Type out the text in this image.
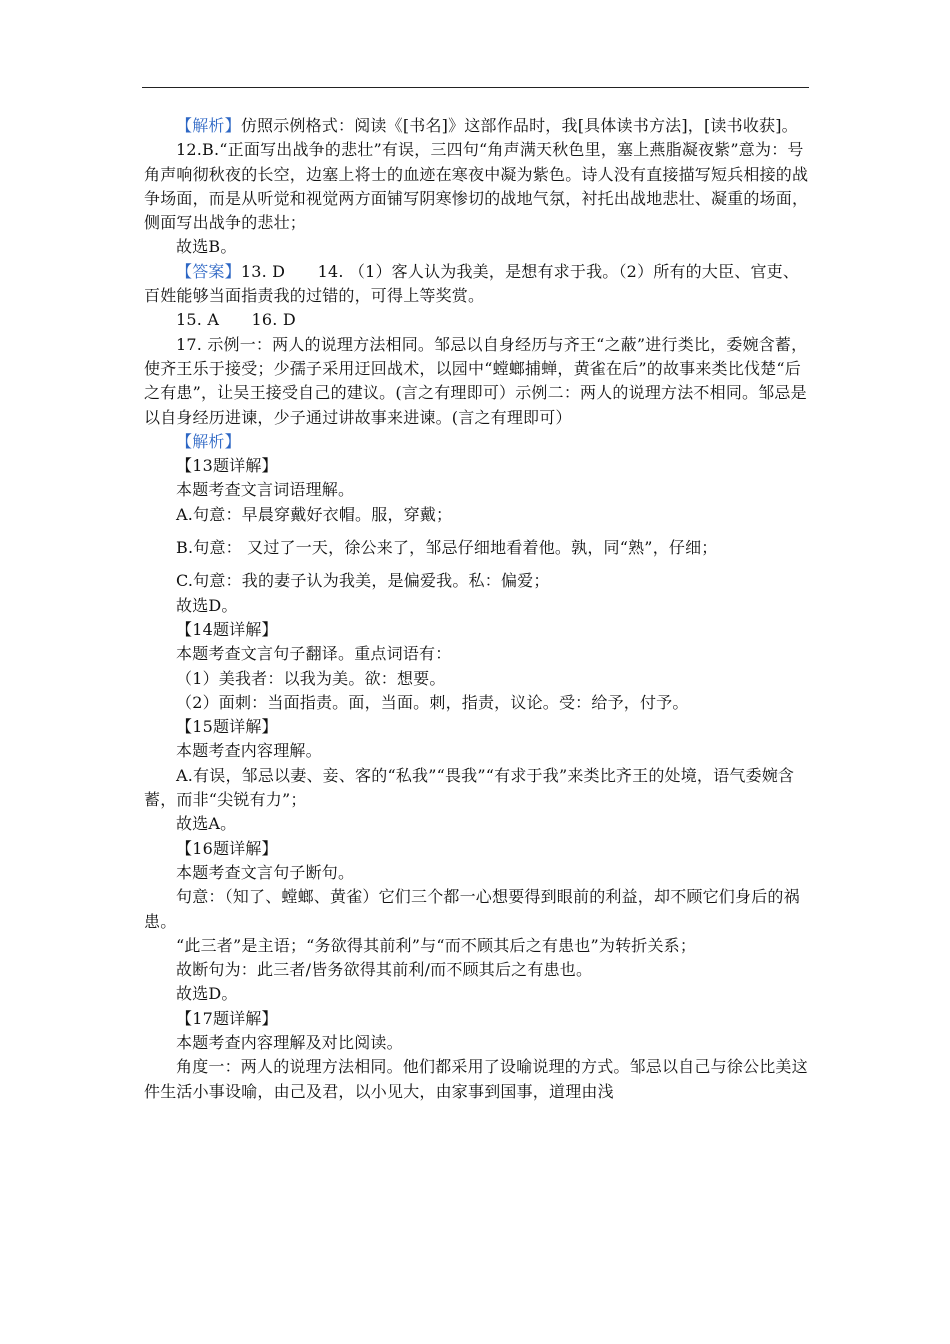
【解析】仿照示例格式：阅读《[书名]》这部作品时，我[具体读书方法]，[读书收获]。

12.B.“正面写出战争的悲壮”有误，三四句“角声满天秋色里，塞上燕脂凝夜紫”意为：号角声响彻秋夜的长空，边塞上将士的血迹在寒夜中凝为紫色。诗人没有直接描写短兵相接的战争场面，而是从听觉和视觉两方面铺写阴寒惨切的战地气氛，衬托出战地悲壮、凝重的场面，侧面写出战争的悲壮；

故选B。

【答案】13. D　　14. （1）客人认为我美，是想有求于我。（2）所有的大臣、官吏、百姓能够当面指责我的过错的，可得上等奖赏。

15. A　　16. D

17. 示例一：两人的说理方法相同。邹忌以自身经历与齐王“之蔽”进行类比，委婉含蓄，使齐王乐于接受；少孺子采用迂回战术，以园中“螳螂捕蝉，黄雀在后”的故事来类比伐楚“后之有患”，让吴王接受自己的建议。(言之有理即可）示例二：两人的说理方法不相同。邹忌是以自身经历进谏，少子通过讲故事来进谏。(言之有理即可）

【解析】

【13题详解】

本题考查文言词语理解。

A.句意：早晨穿戴好衣帽。服，穿戴；

B.句意： 又过了一天，徐公来了，邹忌仔细地看着他。孰，同“熟”，仔细；

C.句意：我的妻子认为我美，是偏爱我。私：偏爱；

故选D。

【14题详解】

本题考查文言句子翻译。重点词语有：

（1）美我者：以我为美。欲：想要。

（2）面刺：当面指责。面，当面。刺，指责，议论。受：给予，付予。

【15题详解】

本题考查内容理解。

A.有误，邹忌以妻、妾、客的“私我”“畏我”“有求于我”来类比齐王的处境，语气委婉含蓄，而非“尖锐有力”；

故选A。

【16题详解】

本题考查文言句子断句。

句意：（知了、螳螂、黄雀）它们三个都一心想要得到眼前的利益，却不顾它们身后的祸患。

“此三者”是主语；“务欲得其前利”与“而不顾其后之有患也”为转折关系；

故断句为：此三者/皆务欲得其前利/而不顾其后之有患也。

故选D。

【17题详解】

本题考查内容理解及对比阅读。

角度一：两人的说理方法相同。他们都采用了设喻说理的方式。邹忌以自己与徐公比美这件生活小事设喻，由己及君，以小见大，由家事到国事，道理由浅
